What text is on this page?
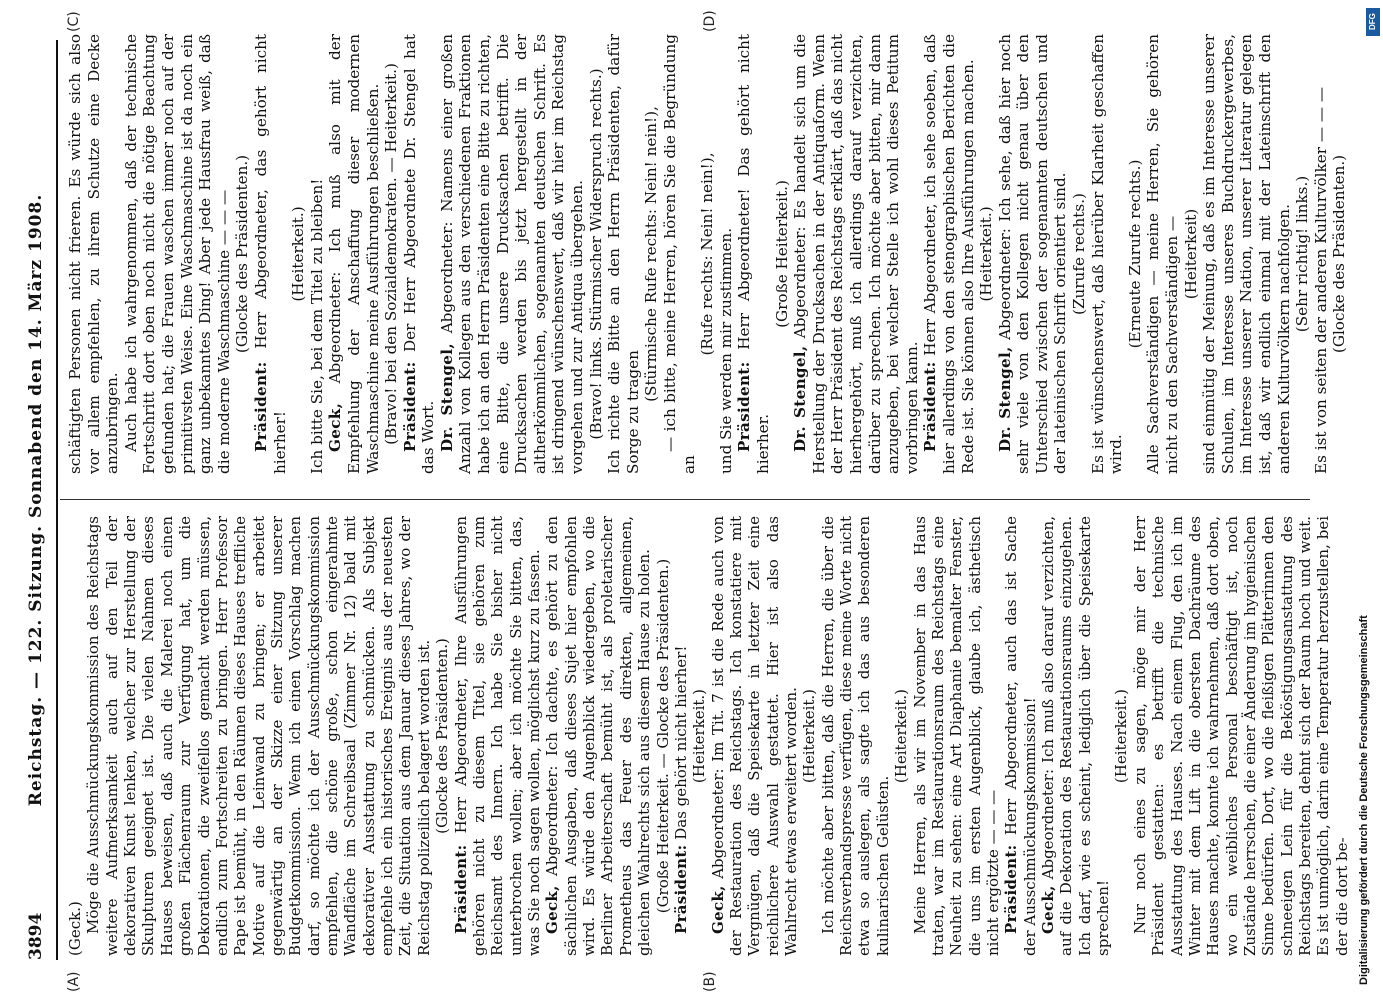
3894
Reichstag. — 122. Sitzung. Sonnabend den 14. März 1908.
(A)	(B)
(C)	(D)

(Geck.) Möge die Ausschmückungskommission des Reichstags weitere Aufmerksamkeit auch auf den Teil der dekorativen Kunst lenken, welcher zur Herstellung der Skulpturen geeignet ist. Die vielen Nahmen dieses Hauses beweisen, daß auch die Malerei noch einen großen Flächenraum zur Verfügung hat, um die Dekorationen, die zweifellos gemacht werden müssen, endlich zum Fortschreiten zu bringen. Herr Professor Pape ist bemüht, in den Räumen dieses Hauses treffliche Motive auf die Leinwand zu bringen; er arbeitet gegenwärtig an der Skizze einer Sitzung unserer Budgetkommission. Wenn ich einen Vorschlag machen darf, so möchte ich der Ausschmückungskommission empfehlen, die schöne große, schon eingerahmte Wandfläche im Schreibsaal (Zimmer Nr. 12) bald mit dekorativer Ausstattung zu schmücken. Als Subjekt empfehle ich ein historisches Ereignis aus der neuesten Zeit, die Situation aus dem Januar dieses Jahres, wo der Reichstag polizeilich belagert worden ist. (Glocke des Präsidenten.)

Präsident: Herr Abgeordneter, Ihre Ausführungen gehören nicht zu diesem Titel, sie gehören zum Reichsamt des Innern. Ich habe Sie bisher nicht unterbrochen wollen; aber ich möchte Sie bitten, das, was Sie noch sagen wollen, möglichst kurz zu fassen. Geck, Abgeordneter: Ich dachte, es gehört zu den sächlichen Ausgaben, daß dieses Sujet hier empfohlen wird. Es würde den Augenblick wiedergeben, wo die Berliner Arbeiterschaft bemüht ist, als proletarischer Prometheus das Feuer des direkten, allgemeinen, gleichen Wahlrechts sich aus diesem Hause zu holen. (Große Heiterkeit. — Glocke des Präsidenten.) Präsident: Das gehört nicht hierher! (Heiterkeit.)

Geck, Abgeordneter: Im Tit. 7 ist die Rede auch von der Restauration des Reichstags. Ich konstatiere mit Vergnügen, daß die Speisekarte in letzter Zeit eine reichlichere Auswahl gestattet. Hier ist also das Wahlrecht etwas erweitert worden. (Heiterkeit.) Ich möchte aber bitten, daß die Herren, die über die Reichsverbandspresse verfügen, diese meine Worte nicht etwa so auslegen, als sagte ich das aus besonderen kulinarischen Gelüsten.

(Heiterkeit.) Meine Herren, als wir im November in das Haus traten, war im Restaurationsraum des Reichstags eine Neuheit zu sehen: eine Art Diaphanie bemalter Fenster, die uns im ersten Augenblick, glaube ich, ästhetisch nicht ergötzte — — — Präsident: Herr Abgeordneter, auch das ist Sache der Ausschmückungskommission! Geck, Abgeordneter: Ich muß also darauf verzichten, auf die Dekoration des Restaurationsraums einzugehen. Ich darf, wie es scheint, lediglich über die Speisekarte sprechen!

(Heiterkeit.) Nur noch eines zu sagen, möge mir der Herr Präsident gestatten: es betrifft die technische Ausstattung des Hauses. Nach einem Flug, den ich im Winter mit dem Lift in die obersten Dachräume des Hauses machte, konnte ich wahrnehmen, daß dort oben, wo ein weibliches Personal beschäftigt ist, noch Zustände herrschen, die einer Änderung im hygienischen Sinne bedürfen. Dort, wo die fleißigen Plätterinnen den schneeigen Lein für die Beköstigungsanstattung des Reichstags bereiten, dehnt sich der Raum hoch und weit. Es ist unmöglich, darin eine Temperatur herzustellen, bei der die dort be-

schäftigten Personen nicht frieren. Es würde sich also vor allem empfehlen, zu ihrem Schutze eine Decke anzubringen. Auch habe ich wahrgenommen, daß der technische Fortschritt dort oben noch nicht die nötige Beachtung gefunden hat; die Frauen waschen immer noch auf der primitivsten Weise. Eine Waschmaschine ist da noch ein ganz unbekanntes Ding! Aber jede Hausfrau weiß, daß die moderne Waschmaschine — — — (Glocke des Präsidenten.)

Präsident: Herr Abgeordneter, das gehört nicht hierher!

(Heiterkeit.) Ich bitte Sie, bei dem Titel zu bleiben! Geck, Abgeordneter: Ich muß also mit der Empfehlung der Anschaffung dieser modernen Waschmaschine meine Ausführungen beschließen. (Bravo! bei den Sozialdemokraten. — Heiterkeit.) Präsident: Der Herr Abgeordnete Dr. Stengel hat das Wort. Dr. Stengel, Abgeordneter: Namens einer großen Anzahl von Kollegen aus den verschiedenen Fraktionen habe ich an den Herrn Präsidenten eine Bitte zu richten, eine Bitte, die unsere Drucksachen betrifft. Die Drucksachen werden bis jetzt hergestellt in der altherkömmlichen, sogenannten deutschen Schrift. Es ist dringend wünschenswert, daß wir hier im Reichstag vorgehen und zur Antiqua übergehen. (Bravo! links. Stürmischer Widerspruch rechts.) Ich richte die Bitte an den Herrn Präsidenten, dafür Sorge zu tragen

(Stürmische Rufe rechts: Nein! nein!), — ich bitte, meine Herren, hören Sie die Begründung an

(Rufe rechts: Nein! nein!), und Sie werden mir zustimmen. Präsident: Herr Abgeordneter! Das gehört nicht hierher.

(Große Heiterkeit.)

Dr. Stengel, Abgeordneter: Es handelt sich um die Herstellung der Drucksachen in der Antiquaform. Wenn der Herr Präsident des Reichstags erklärt, daß das nicht hierhergehört, muß ich allerdings darauf verzichten, darüber zu sprechen. Ich möchte aber bitten, mir dann anzugeben, bei welcher Stelle ich wohl dieses Petitum vorbringen kann. Präsident: Herr Abgeordneter, ich sehe soeben, daß hier allerdings von den stenographischen Berichten die Rede ist. Sie können also Ihre Ausführungen machen. (Heiterkeit.)

Dr. Stengel, Abgeordneter: Ich sehe, daß hier noch sehr viele von den Kollegen nicht genau über den Unterschied zwischen der sogenannten deutschen und der lateinischen Schrift orientiert sind. (Zurufe rechts.) Es ist wünschenswert, daß hierüber Klarheit geschaffen wird.

(Erneute Zurufe rechts.) Alle Sachverständigen — meine Herren, Sie gehören nicht zu den Sachverständigen — (Heiterkeit) sind einmütig der Meinung, daß es im Interesse unserer Schulen, im Interesse unseres Buchdruckergewerbes, im Interesse unserer Nation, unserer Literatur gelegen ist, daß wir endlich einmal mit der Lateinschrift den anderen Kulturvölkern nachfolgen. (Sehr richtig! links.) Es ist von seiten der anderen Kulturvölker — — — (Glocke des Präsidenten.)

DFG
Digitalisierung gefördert durch die Deutsche Forschungsgemeinschaft
